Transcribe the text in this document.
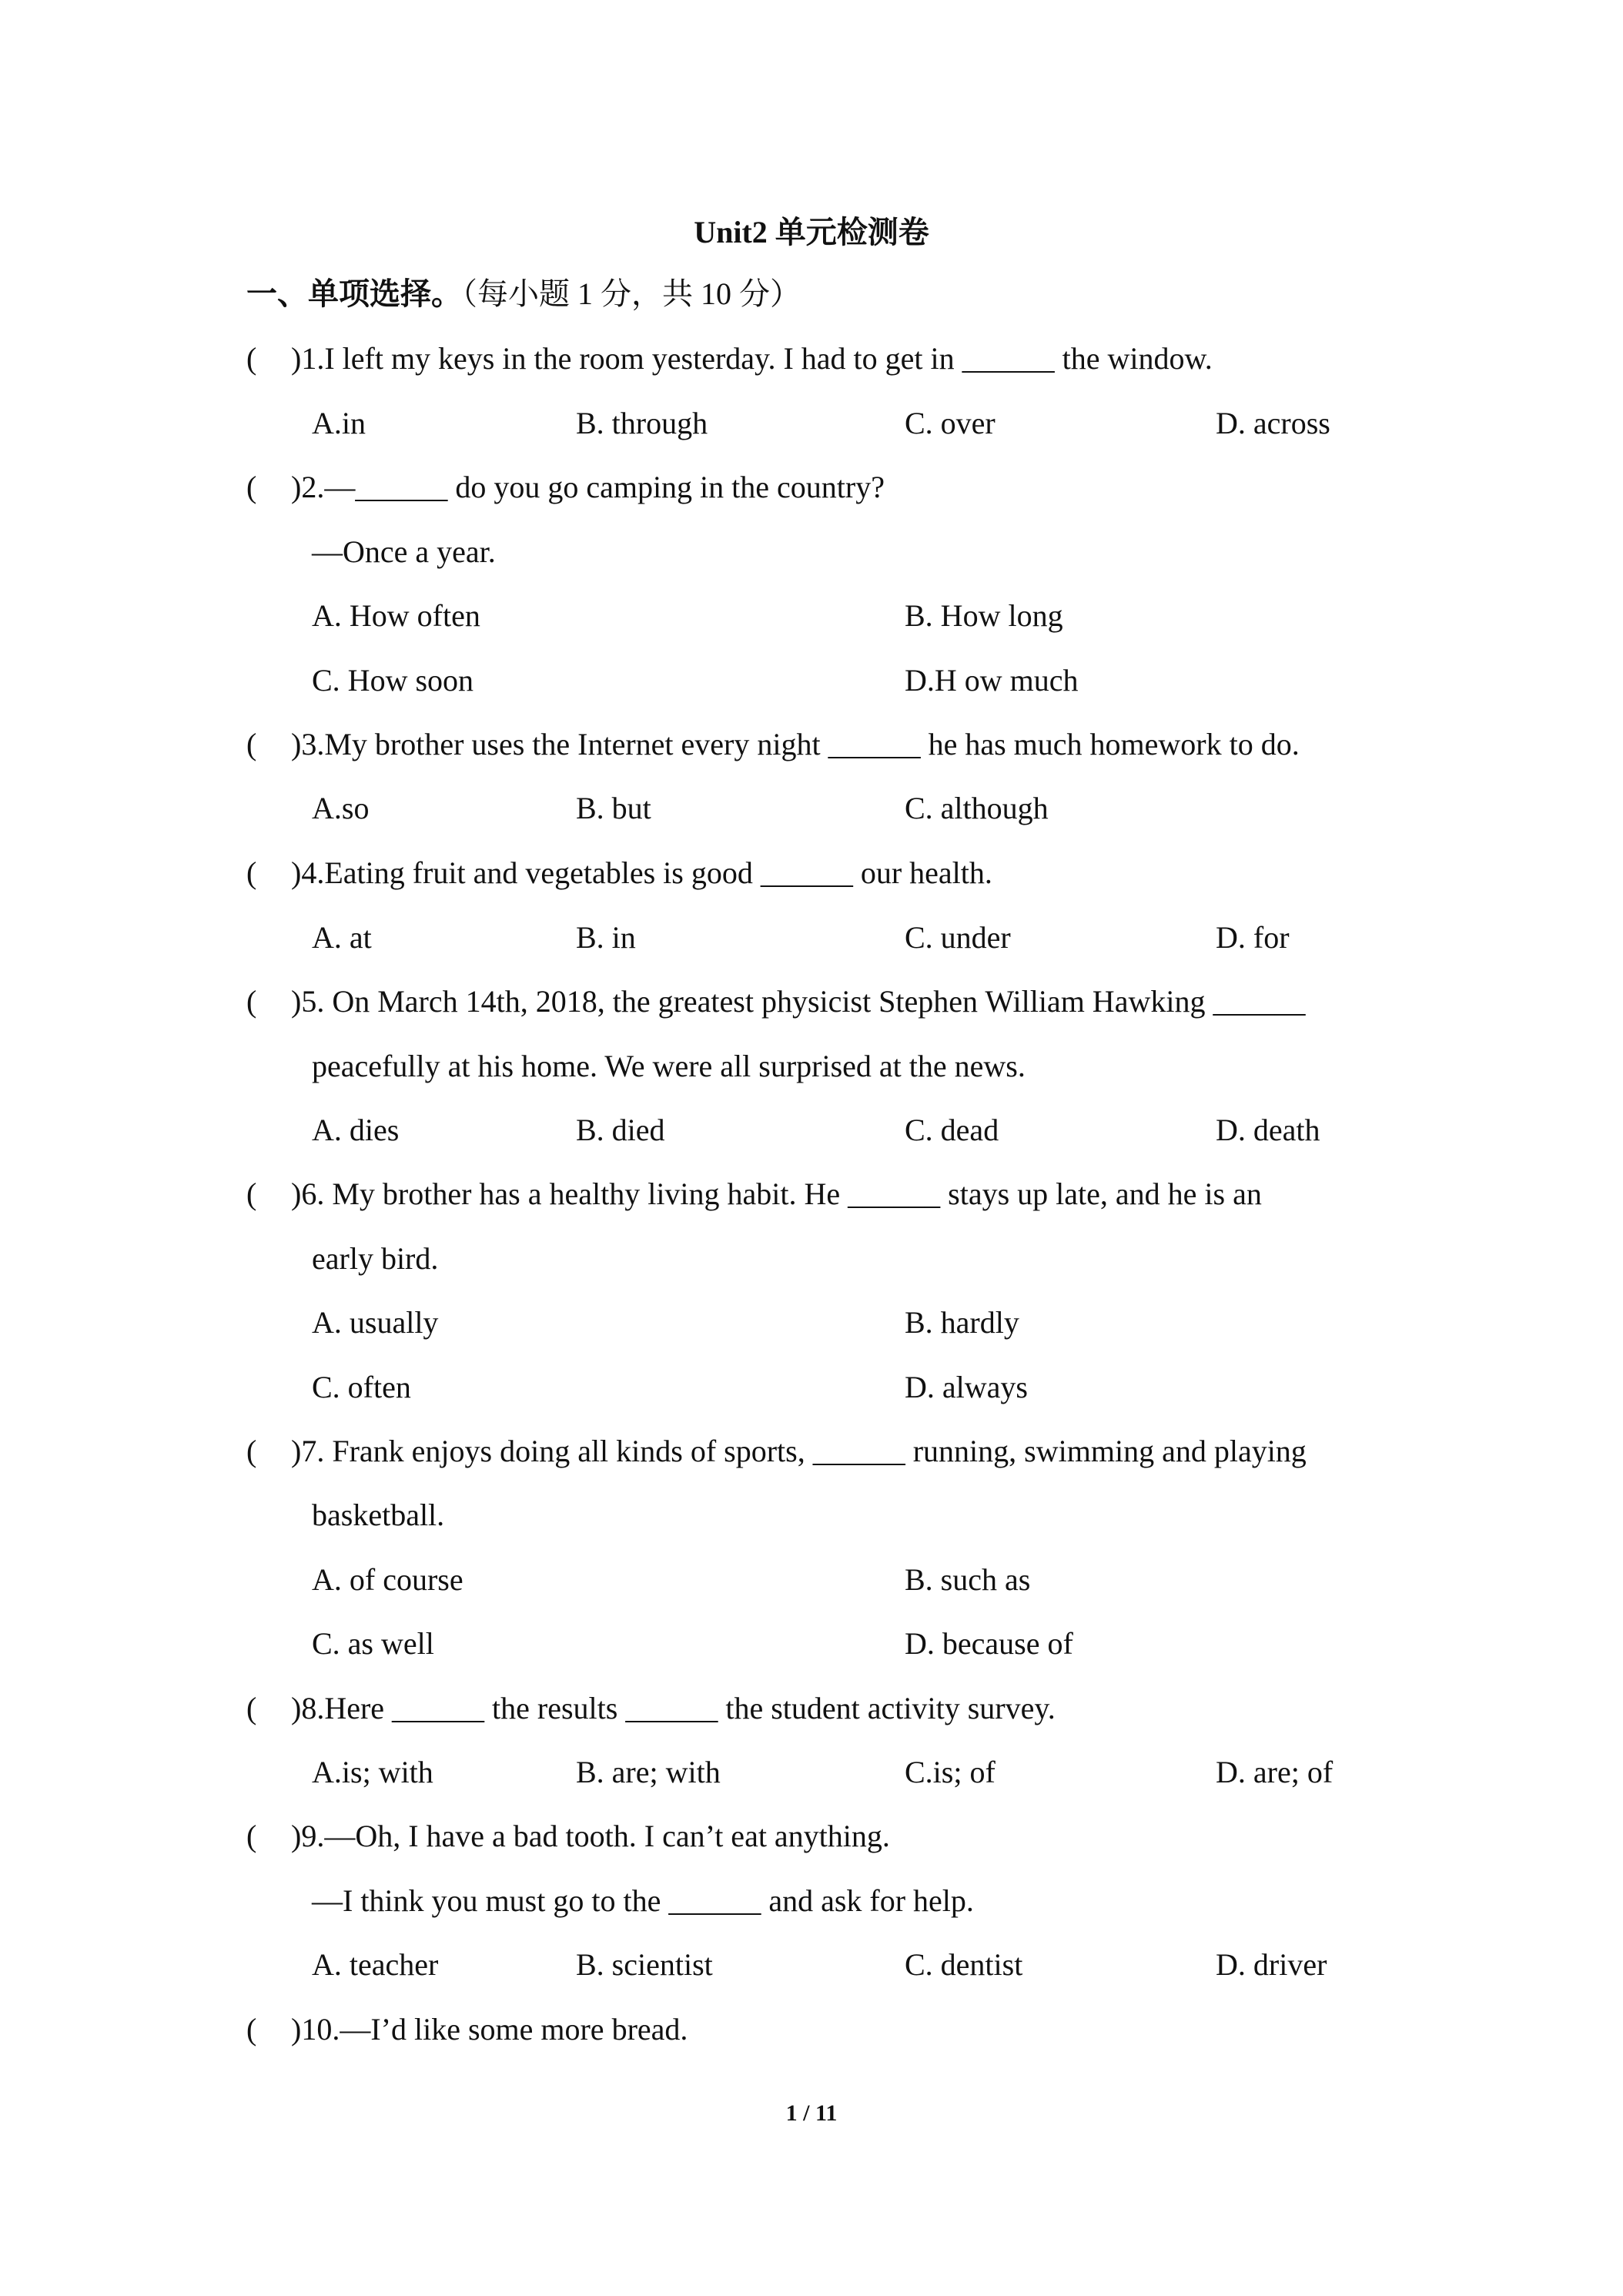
Unit2 单元检测卷
一、单项选择。（每小题 1 分，共 10 分）
( )1.I left my keys in the room yesterday. I had to get in ______ the window.
A.in	B. through	C. over	D. across
( )2.—______ do you go camping in the country?
—Once a year.
A. How often	B. How long
C. How soon	D.H ow much
( )3.My brother uses the Internet every night ______ he has much homework to do.
A.so	B. but	C. although
( )4.Eating fruit and vegetables is good ______ our health.
A. at	B. in	C. under	D. for
( )5. On March 14th, 2018, the greatest physicist Stephen William Hawking ______
peacefully at his home. We were all surprised at the news.
A. dies	B. died	C. dead	D. death
( )6. My brother has a healthy living habit. He ______ stays up late, and he is an
early bird.
A. usually	B. hardly
C. often	D. always
( )7. Frank enjoys doing all kinds of sports, ______ running, swimming and playing
basketball.
A. of course	B. such as
C. as well	D. because of
( )8.Here ______ the results ______ the student activity survey.
A.is; with	B. are; with	C.is; of	D. are; of
( )9.—Oh, I have a bad tooth. I can’t eat anything.
—I think you must go to the ______ and ask for help.
A. teacher	B. scientist	C. dentist	D. driver
( )10.—I’d like some more bread.
1 / 11
